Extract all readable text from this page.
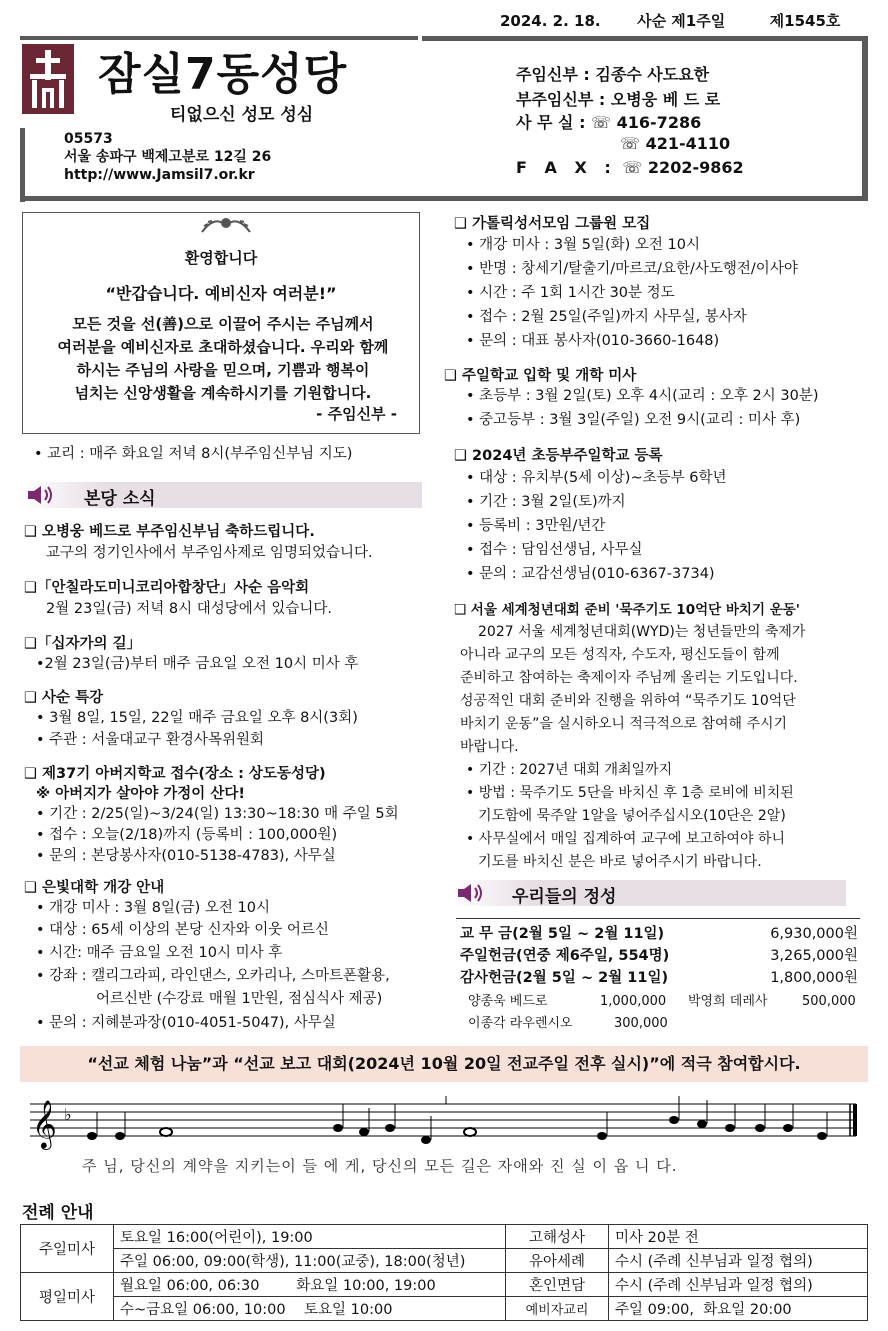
2024. 2. 18. 사순 제1주일	제1545호
잠실7동성당
티없으신 성모 성심
05573
서울 송파구 백제고분로 12길 26
http://www.Jamsil7.or.kr
주임신부 : 김종수 사도요한
부주임신부 : 오병웅 베 드 로
사 무 실 : ☏ 416-7286
☏ 421-4110
F A X : ☏ 2202-9862
환영합니다
“반갑습니다. 예비신자 여러분!”
모든 것을 선(善)으로 이끌어 주시는 주님께서
여러분을 예비신자로 초대하셨습니다. 우리와 함께
하시는 주님의 사랑을 믿으며, 기쁨과 행복이
넘치는 신앙생활을 계속하시기를 기원합니다.
- 주임신부 -
• 교리 : 매주 화요일 저녁 8시(부주임신부님 지도)
본당 소식
❑ 오병웅 베드로 부주임신부님 축하드립니다.
교구의 정기인사에서 부주임사제로 임명되었습니다.
❑「안칠라도미니코리아합창단」사순 음악회
2월 23일(금) 저녁 8시 대성당에서 있습니다.
❑「십자가의 길」
•2월 23일(금)부터 매주 금요일 오전 10시 미사 후
❑ 사순 특강
• 3월 8일, 15일, 22일 매주 금요일 오후 8시(3회)
• 주관 : 서울대교구 환경사목위원회
❑ 제37기 아버지학교 접수(장소 : 상도동성당)
※ 아버지가 살아야 가정이 산다!
• 기간 : 2/25(일)~3/24(일) 13:30~18:30 매 주일 5회
• 접수 : 오늘(2/18)까지 (등록비 : 100,000원)
• 문의 : 본당봉사자(010-5138-4783), 사무실
❑ 은빛대학 개강 안내
• 개강 미사 : 3월 8일(금) 오전 10시
• 대상 : 65세 이상의 본당 신자와 이웃 어르신
• 시간: 매주 금요일 오전 10시 미사 후
• 강좌 : 캘리그라피, 라인댄스, 오카리나, 스마트폰활용,
어르신반 (수강료 매월 1만원, 점심식사 제공)
• 문의 : 지혜분과장(010-4051-5047), 사무실
❑ 가톨릭성서모임 그룹원 모집
• 개강 미사 : 3월 5일(화) 오전 10시
• 반명 : 창세기/탈출기/마르코/요한/사도행전/이사야
• 시간 : 주 1회 1시간 30분 정도
• 접수 : 2월 25일(주일)까지 사무실, 봉사자
• 문의 : 대표 봉사자(010-3660-1648)
❑ 주일학교 입학 및 개학 미사
• 초등부 : 3월 2일(토) 오후 4시(교리 : 오후 2시 30분)
• 중고등부 : 3월 3일(주일) 오전 9시(교리 : 미사 후)
❑ 2024년 초등부주일학교 등록
• 대상 : 유치부(5세 이상)~초등부 6학년
• 기간 : 3월 2일(토)까지
• 등록비 : 3만원/년간
• 접수 : 담임선생님, 사무실
• 문의 : 교감선생님(010-6367-3734)
❑ 서울 세계청년대회 준비 '묵주기도 10억단 바치기 운동'
2027 서울 세계청년대회(WYD)는 청년들만의 축제가
아니라 교구의 모든 성직자, 수도자, 평신도들이 함께
준비하고 참여하는 축제이자 주님께 올리는 기도입니다.
성공적인 대회 준비와 진행을 위하여 “묵주기도 10억단
바치기 운동”을 실시하오니 적극적으로 참여해 주시기
바랍니다.
• 기간 : 2027년 대회 개최일까지
• 방법 : 묵주기도 5단을 바치신 후 1층 로비에 비치된
기도함에 묵주알 1알을 넣어주십시오(10단은 2알)
• 사무실에서 매일 집계하여 교구에 보고하여야 하니
기도를 바치신 분은 바로 넣어주시기 바랍니다.
우리들의 정성
교 무 금(2월 5일 ~ 2월 11일)	6,930,000원
주일헌금(연중 제6주일, 554명)	3,265,000원
감사헌금(2월 5일 ~ 2월 11일)	1,800,000원
양종욱 베드로	1,000,000 박영희 데레사	500,000
이종각 라우렌시오	300,000
“선교 체험 나눔”과 “선교 보고 대회(2024년 10월 20일 전교주일 전후 실시)”에 적극 참여합시다.
𝄞 ♭
주 님, 당신의 계약을 지키는이 들 에 게, 당신의 모든 길은 자애와 진 실 이 옵 니 다.
전례 안내
주일미사	토요일 16:00(어린이), 19:00	고해성사	미사 20분 전
	주일 06:00, 09:00(학생), 11:00(교중), 18:00(청년)	유아세례	수시 (주례 신부님과 일정 협의)
평일미사	월요일 06:00, 06:30        화요일 10:00, 19:00	혼인면담	수시 (주례 신부님과 일정 협의)
	수~금요일 06:00, 10:00    토요일 10:00	예비자교리	주일 09:00,  화요일 20:00
